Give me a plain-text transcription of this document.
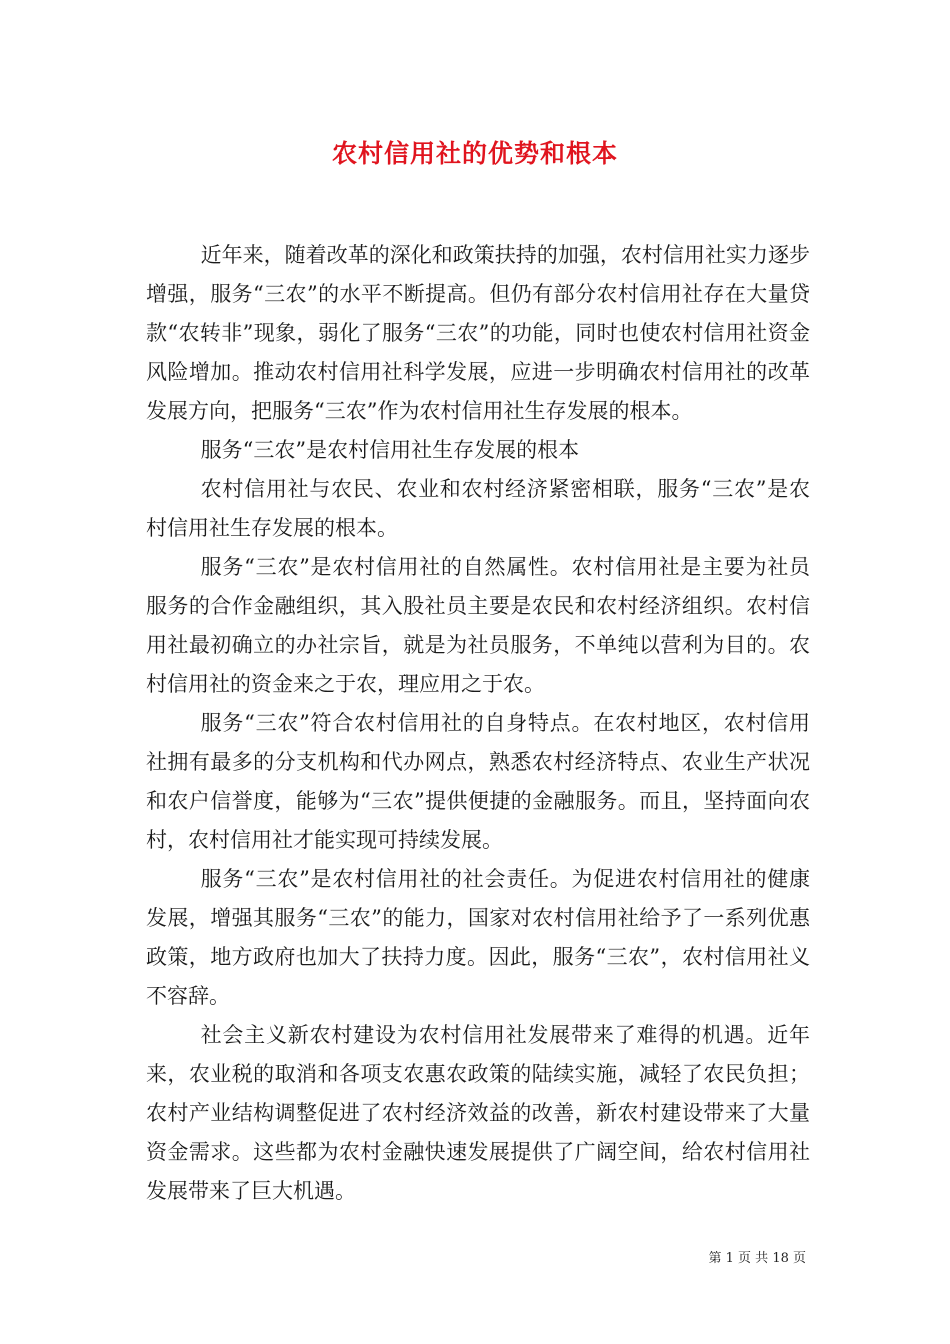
农村信用社的优势和根本

近年来，随着改革的深化和政策扶持的加强，农村信用社实力逐步增强，服务“三农”的水平不断提高。但仍有部分农村信用社存在大量贷款“农转非”现象，弱化了服务“三农”的功能，同时也使农村信用社资金风险增加。推动农村信用社科学发展，应进一步明确农村信用社的改革发展方向，把服务“三农”作为农村信用社生存发展的根本。

服务“三农”是农村信用社生存发展的根本

农村信用社与农民、农业和农村经济紧密相联，服务“三农”是农村信用社生存发展的根本。

服务“三农”是农村信用社的自然属性。农村信用社是主要为社员服务的合作金融组织，其入股社员主要是农民和农村经济组织。农村信用社最初确立的办社宗旨，就是为社员服务，不单纯以营利为目的。农村信用社的资金来之于农，理应用之于农。

服务“三农”符合农村信用社的自身特点。在农村地区，农村信用社拥有最多的分支机构和代办网点，熟悉农村经济特点、农业生产状况和农户信誉度，能够为“三农”提供便捷的金融服务。而且，坚持面向农村，农村信用社才能实现可持续发展。

服务“三农”是农村信用社的社会责任。为促进农村信用社的健康发展，增强其服务“三农”的能力，国家对农村信用社给予了一系列优惠政策，地方政府也加大了扶持力度。因此，服务“三农”，农村信用社义不容辞。

社会主义新农村建设为农村信用社发展带来了难得的机遇。近年来，农业税的取消和各项支农惠农政策的陆续实施，减轻了农民负担；农村产业结构调整促进了农村经济效益的改善，新农村建设带来了大量资金需求。这些都为农村金融快速发展提供了广阔空间，给农村信用社发展带来了巨大机遇。

第 1 页 共 18 页
